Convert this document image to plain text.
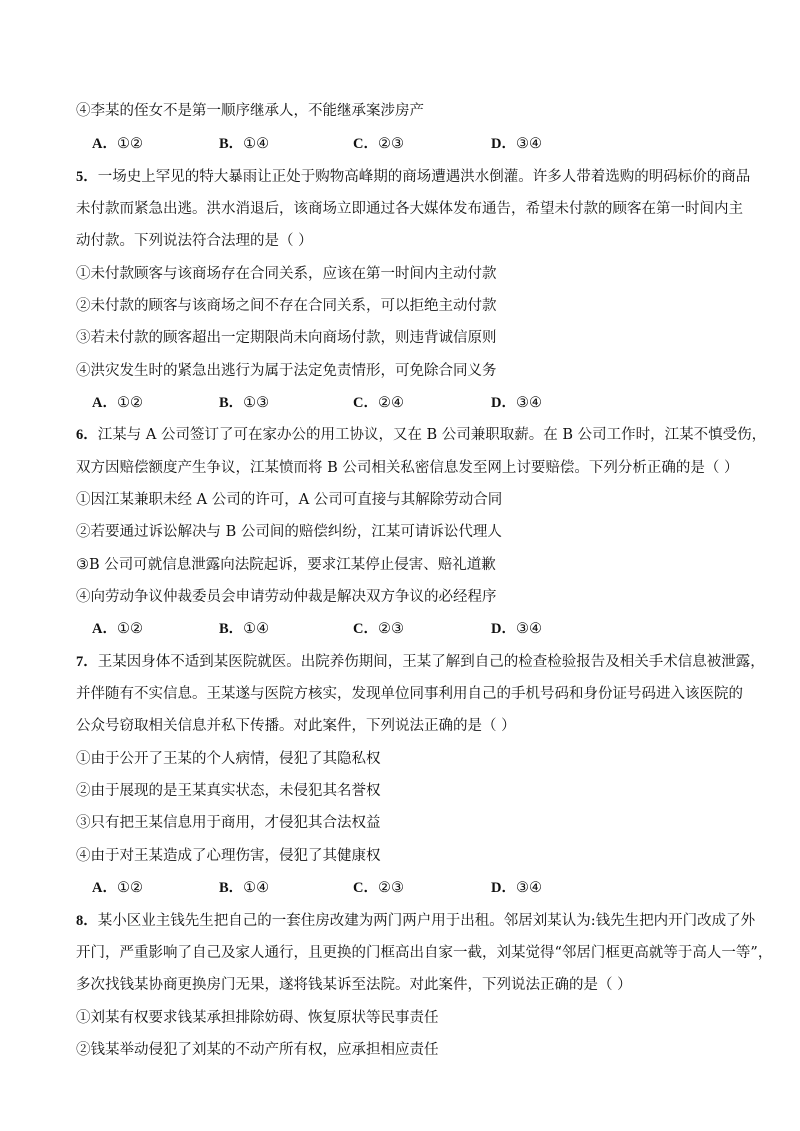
④李某的侄女不是第一顺序继承人，不能继承案涉房产
A．①②	B．①④	C．②③	D．③④
5．一场史上罕见的特大暴雨让正处于购物高峰期的商场遭遇洪水倒灌。许多人带着选购的明码标价的商品
未付款而紧急出逃。洪水消退后，该商场立即通过各大媒体发布通告，希望未付款的顾客在第一时间内主
动付款。下列说法符合法理的是（ ）
①未付款顾客与该商场存在合同关系，应该在第一时间内主动付款
②未付款的顾客与该商场之间不存在合同关系，可以拒绝主动付款
③若未付款的顾客超出一定期限尚未向商场付款，则违背诚信原则
④洪灾发生时的紧急出逃行为属于法定免责情形，可免除合同义务
A．①②	B．①③	C．②④	D．③④
6．江某与 A 公司签订了可在家办公的用工协议，又在 B 公司兼职取薪。在 B 公司工作时，江某不慎受伤，
双方因赔偿额度产生争议，江某愤而将 B 公司相关私密信息发至网上讨要赔偿。下列分析正确的是（ ）
①因江某兼职未经 A 公司的许可，A 公司可直接与其解除劳动合同
②若要通过诉讼解决与 B 公司间的赔偿纠纷，江某可请诉讼代理人
③B 公司可就信息泄露向法院起诉，要求江某停止侵害、赔礼道歉
④向劳动争议仲裁委员会申请劳动仲裁是解决双方争议的必经程序
A．①②	B．①④	C．②③	D．③④
7．王某因身体不适到某医院就医。出院养伤期间，王某了解到自己的检查检验报告及相关手术信息被泄露，
并伴随有不实信息。王某遂与医院方核实，发现单位同事利用自己的手机号码和身份证号码进入该医院的
公众号窃取相关信息并私下传播。对此案件，下列说法正确的是（ ）
①由于公开了王某的个人病情，侵犯了其隐私权
②由于展现的是王某真实状态，未侵犯其名誉权
③只有把王某信息用于商用，才侵犯其合法权益
④由于对王某造成了心理伤害，侵犯了其健康权
A．①②	B．①④	C．②③	D．③④
8．某小区业主钱先生把自己的一套住房改建为两门两户用于出租。邻居刘某认为:钱先生把内开门改成了外
开门，严重影响了自己及家人通行，且更换的门框高出自家一截，刘某觉得“邻居门框更高就等于高人一等”，
多次找钱某协商更换房门无果，遂将钱某诉至法院。对此案件，下列说法正确的是（ ）
①刘某有权要求钱某承担排除妨碍、恢复原状等民事责任
②钱某举动侵犯了刘某的不动产所有权，应承担相应责任
